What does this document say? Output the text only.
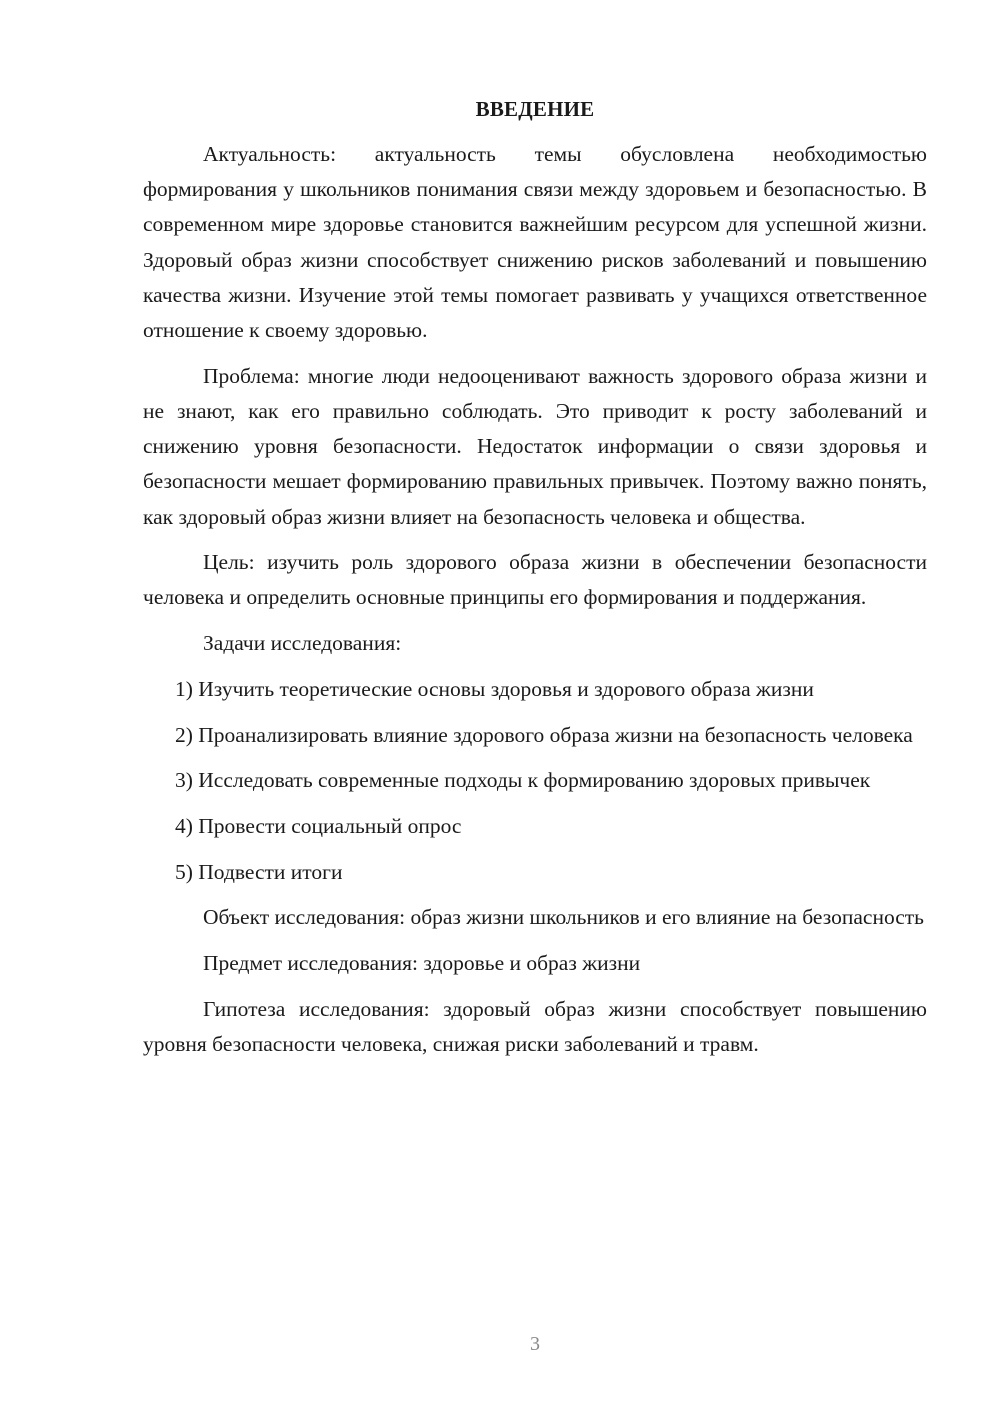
ВВЕДЕНИЕ

Актуальность: актуальность темы обусловлена необходимостью формирования у школьников понимания связи между здоровьем и безопасностью. В современном мире здоровье становится важнейшим ресурсом для успешной жизни. Здоровый образ жизни способствует снижению рисков заболеваний и повышению качества жизни. Изучение этой темы помогает развивать у учащихся ответственное отношение к своему здоровью.

Проблема: многие люди недооценивают важность здорового образа жизни и не знают, как его правильно соблюдать. Это приводит к росту заболеваний и снижению уровня безопасности. Недостаток информации о связи здоровья и безопасности мешает формированию правильных привычек. Поэтому важно понять, как здоровый образ жизни влияет на безопасность человека и общества.

Цель: изучить роль здорового образа жизни в обеспечении безопасности человека и определить основные принципы его формирования и поддержания.

Задачи исследования:

1) Изучить теоретические основы здоровья и здорового образа жизни

2) Проанализировать влияние здорового образа жизни на безопасность человека

3) Исследовать современные подходы к формированию здоровых привычек

4) Провести социальный опрос

5) Подвести итоги

Объект исследования: образ жизни школьников и его влияние на безопасность

Предмет исследования: здоровье и образ жизни

Гипотеза исследования: здоровый образ жизни способствует повышению уровня безопасности человека, снижая риски заболеваний и травм.

3
